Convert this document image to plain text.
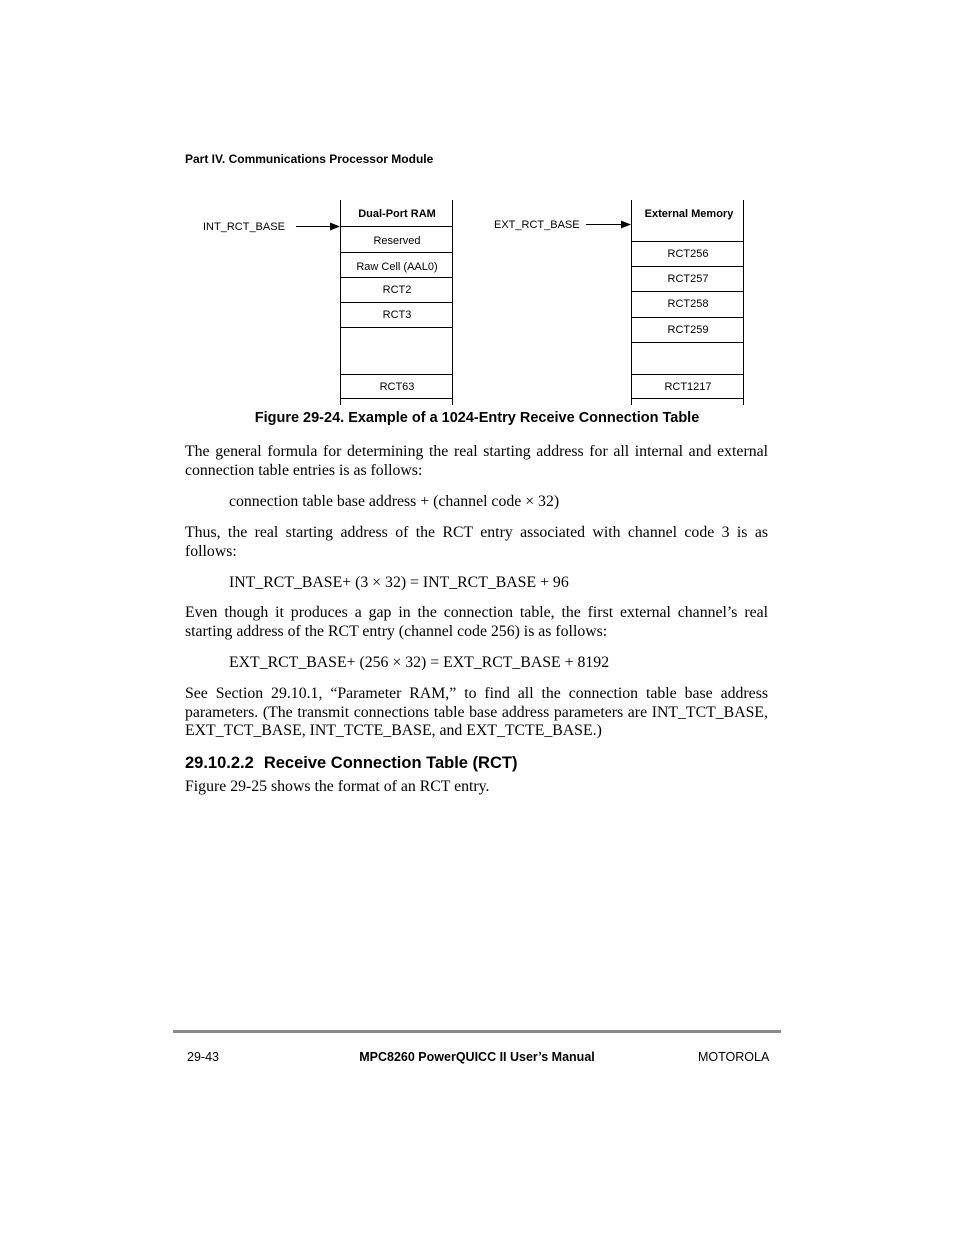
Part IV. Communications Processor Module
Dual-Port RAM
Reserved
Raw Cell (AAL0)
RCT2
RCT3
RCT63
INT_RCT_BASE
External Memory
RCT256
RCT257
RCT258
RCT259
RCT1217
EXT_RCT_BASE
Figure 29-24. Example of a 1024-Entry Receive Connection Table
The general formula for determining the real starting address for all internal and external connection table entries is as follows:
connection table base address + (channel code × 32)
Thus, the real starting address of the RCT entry associated with channel code 3 is as follows:
INT_RCT_BASE+ (3 × 32) = INT_RCT_BASE + 96
Even though it produces a gap in the connection table, the first external channel’s real starting address of the RCT entry (channel code 256) is as follows:
EXT_RCT_BASE+ (256 × 32) = EXT_RCT_BASE + 8192
See Section 29.10.1, “Parameter RAM,” to find all the connection table base address parameters. (The transmit connections table base address parameters are INT_TCT_BASE, EXT_TCT_BASE, INT_TCTE_BASE, and EXT_TCTE_BASE.)
29.10.2.2 Receive Connection Table (RCT)
Figure 29-25 shows the format of an RCT entry.
29-43	MPC8260 PowerQUICC II User’s Manual	MOTOROLA
